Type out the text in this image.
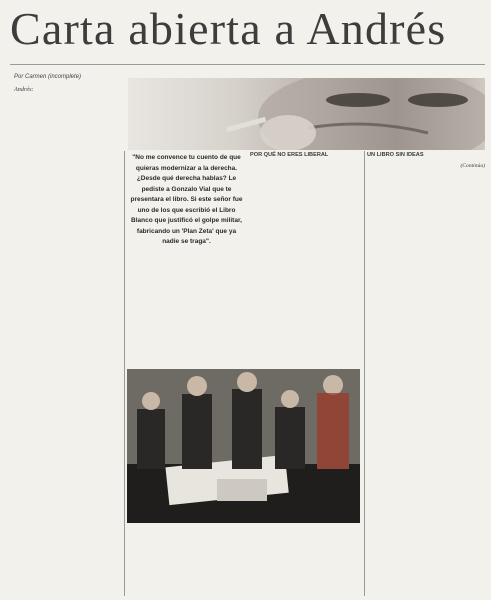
Carta abierta a Andrés
Por Carmen (incomplete)

Andrés:

"No me convence tu cuento de que quieras modernizar a la derecha. ¿Desde qué derecha hablas? Le pediste a Gonzalo Vial que te presentara el libro. Si este señor fue uno de los que escribió el Libro Blanco que justificó el golpe militar, fabricando un 'Plan Zeta' que ya nadie se traga".

POR QUÉ NO ERES LIBERAL	UN LIBRO SIN IDEAS

(Continúa)
